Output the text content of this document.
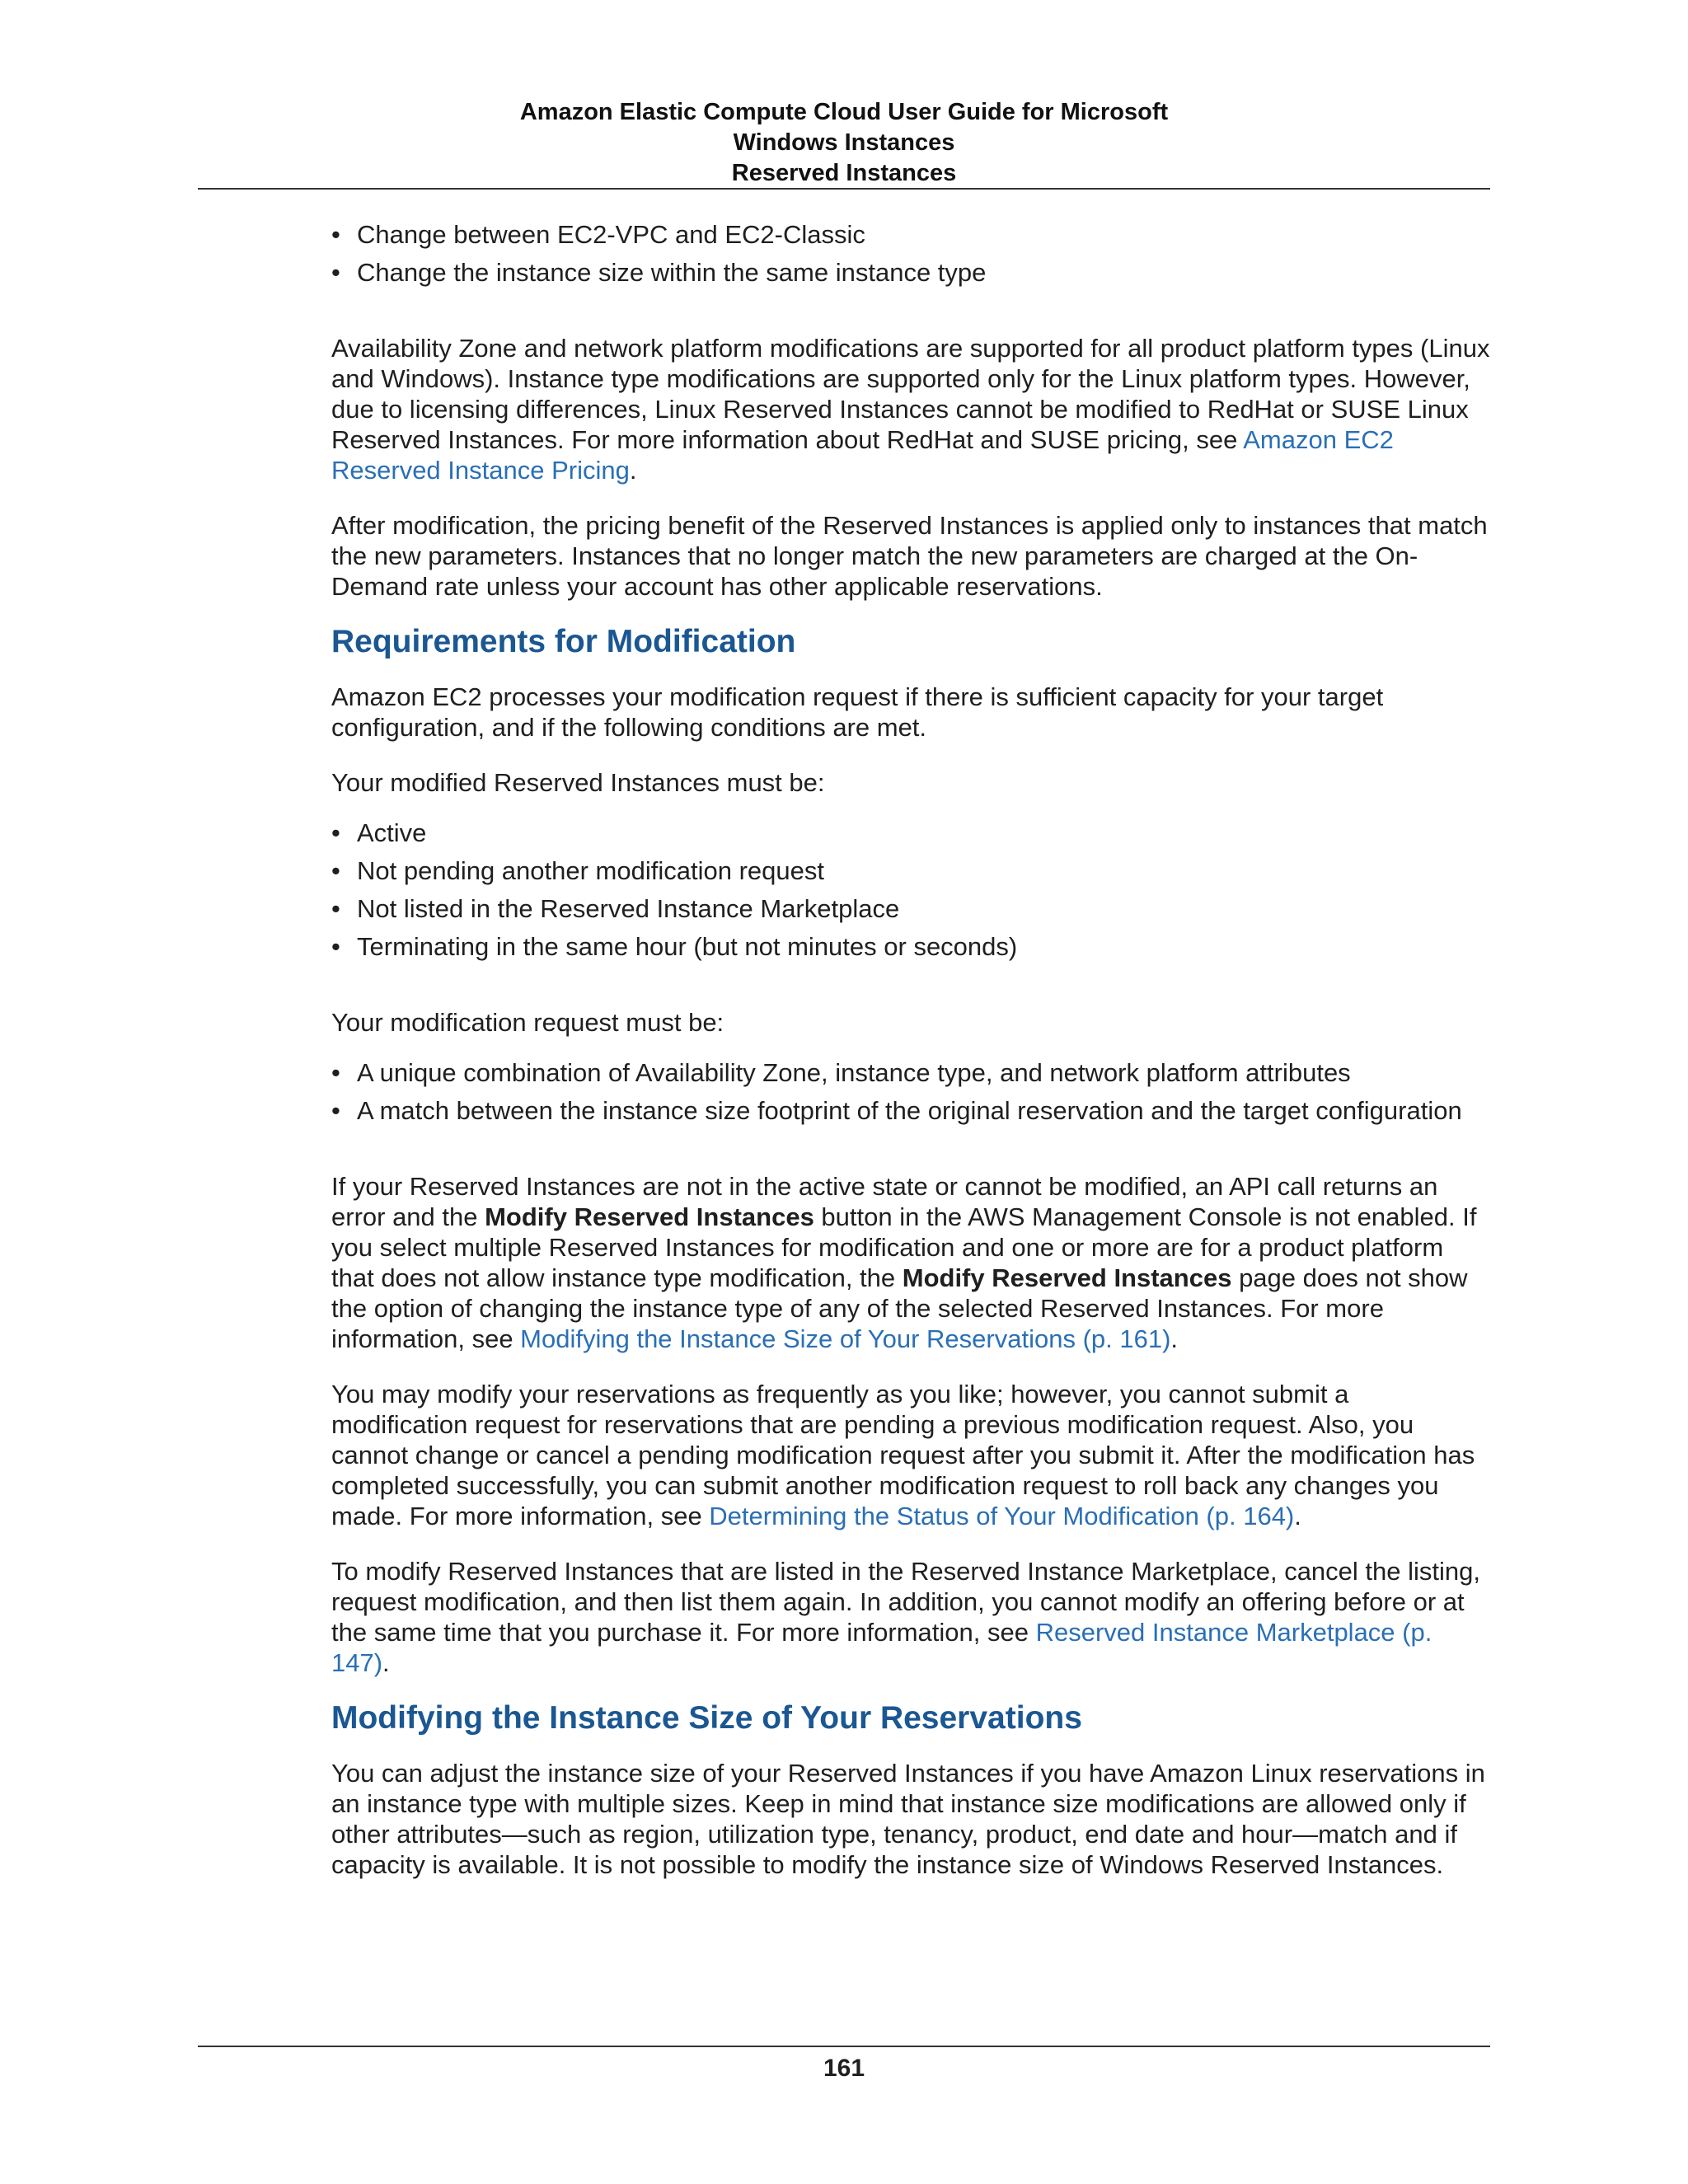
Amazon Elastic Compute Cloud User Guide for Microsoft
Windows Instances
Reserved Instances
• Change between EC2-VPC and EC2-Classic
• Change the instance size within the same instance type

Availability Zone and network platform modifications are supported for all product platform types (Linux and Windows). Instance type modifications are supported only for the Linux platform types. However, due to licensing differences, Linux Reserved Instances cannot be modified to RedHat or SUSE Linux Reserved Instances. For more information about RedHat and SUSE pricing, see Amazon EC2 Reserved Instance Pricing.

After modification, the pricing benefit of the Reserved Instances is applied only to instances that match the new parameters. Instances that no longer match the new parameters are charged at the On-Demand rate unless your account has other applicable reservations.

Requirements for Modification

Amazon EC2 processes your modification request if there is sufficient capacity for your target configuration, and if the following conditions are met.

Your modified Reserved Instances must be:

• Active
• Not pending another modification request
• Not listed in the Reserved Instance Marketplace
• Terminating in the same hour (but not minutes or seconds)

Your modification request must be:

• A unique combination of Availability Zone, instance type, and network platform attributes
• A match between the instance size footprint of the original reservation and the target configuration

If your Reserved Instances are not in the active state or cannot be modified, an API call returns an error and the Modify Reserved Instances button in the AWS Management Console is not enabled. If you select multiple Reserved Instances for modification and one or more are for a product platform that does not allow instance type modification, the Modify Reserved Instances page does not show the option of changing the instance type of any of the selected Reserved Instances. For more information, see Modifying the Instance Size of Your Reservations (p. 161).

You may modify your reservations as frequently as you like; however, you cannot submit a modification request for reservations that are pending a previous modification request. Also, you cannot change or cancel a pending modification request after you submit it. After the modification has completed successfully, you can submit another modification request to roll back any changes you made. For more information, see Determining the Status of Your Modification (p. 164).

To modify Reserved Instances that are listed in the Reserved Instance Marketplace, cancel the listing, request modification, and then list them again. In addition, you cannot modify an offering before or at the same time that you purchase it. For more information, see Reserved Instance Marketplace (p. 147).

Modifying the Instance Size of Your Reservations

You can adjust the instance size of your Reserved Instances if you have Amazon Linux reservations in an instance type with multiple sizes. Keep in mind that instance size modifications are allowed only if other attributes—such as region, utilization type, tenancy, product, end date and hour—match and if capacity is available. It is not possible to modify the instance size of Windows Reserved Instances.

161
